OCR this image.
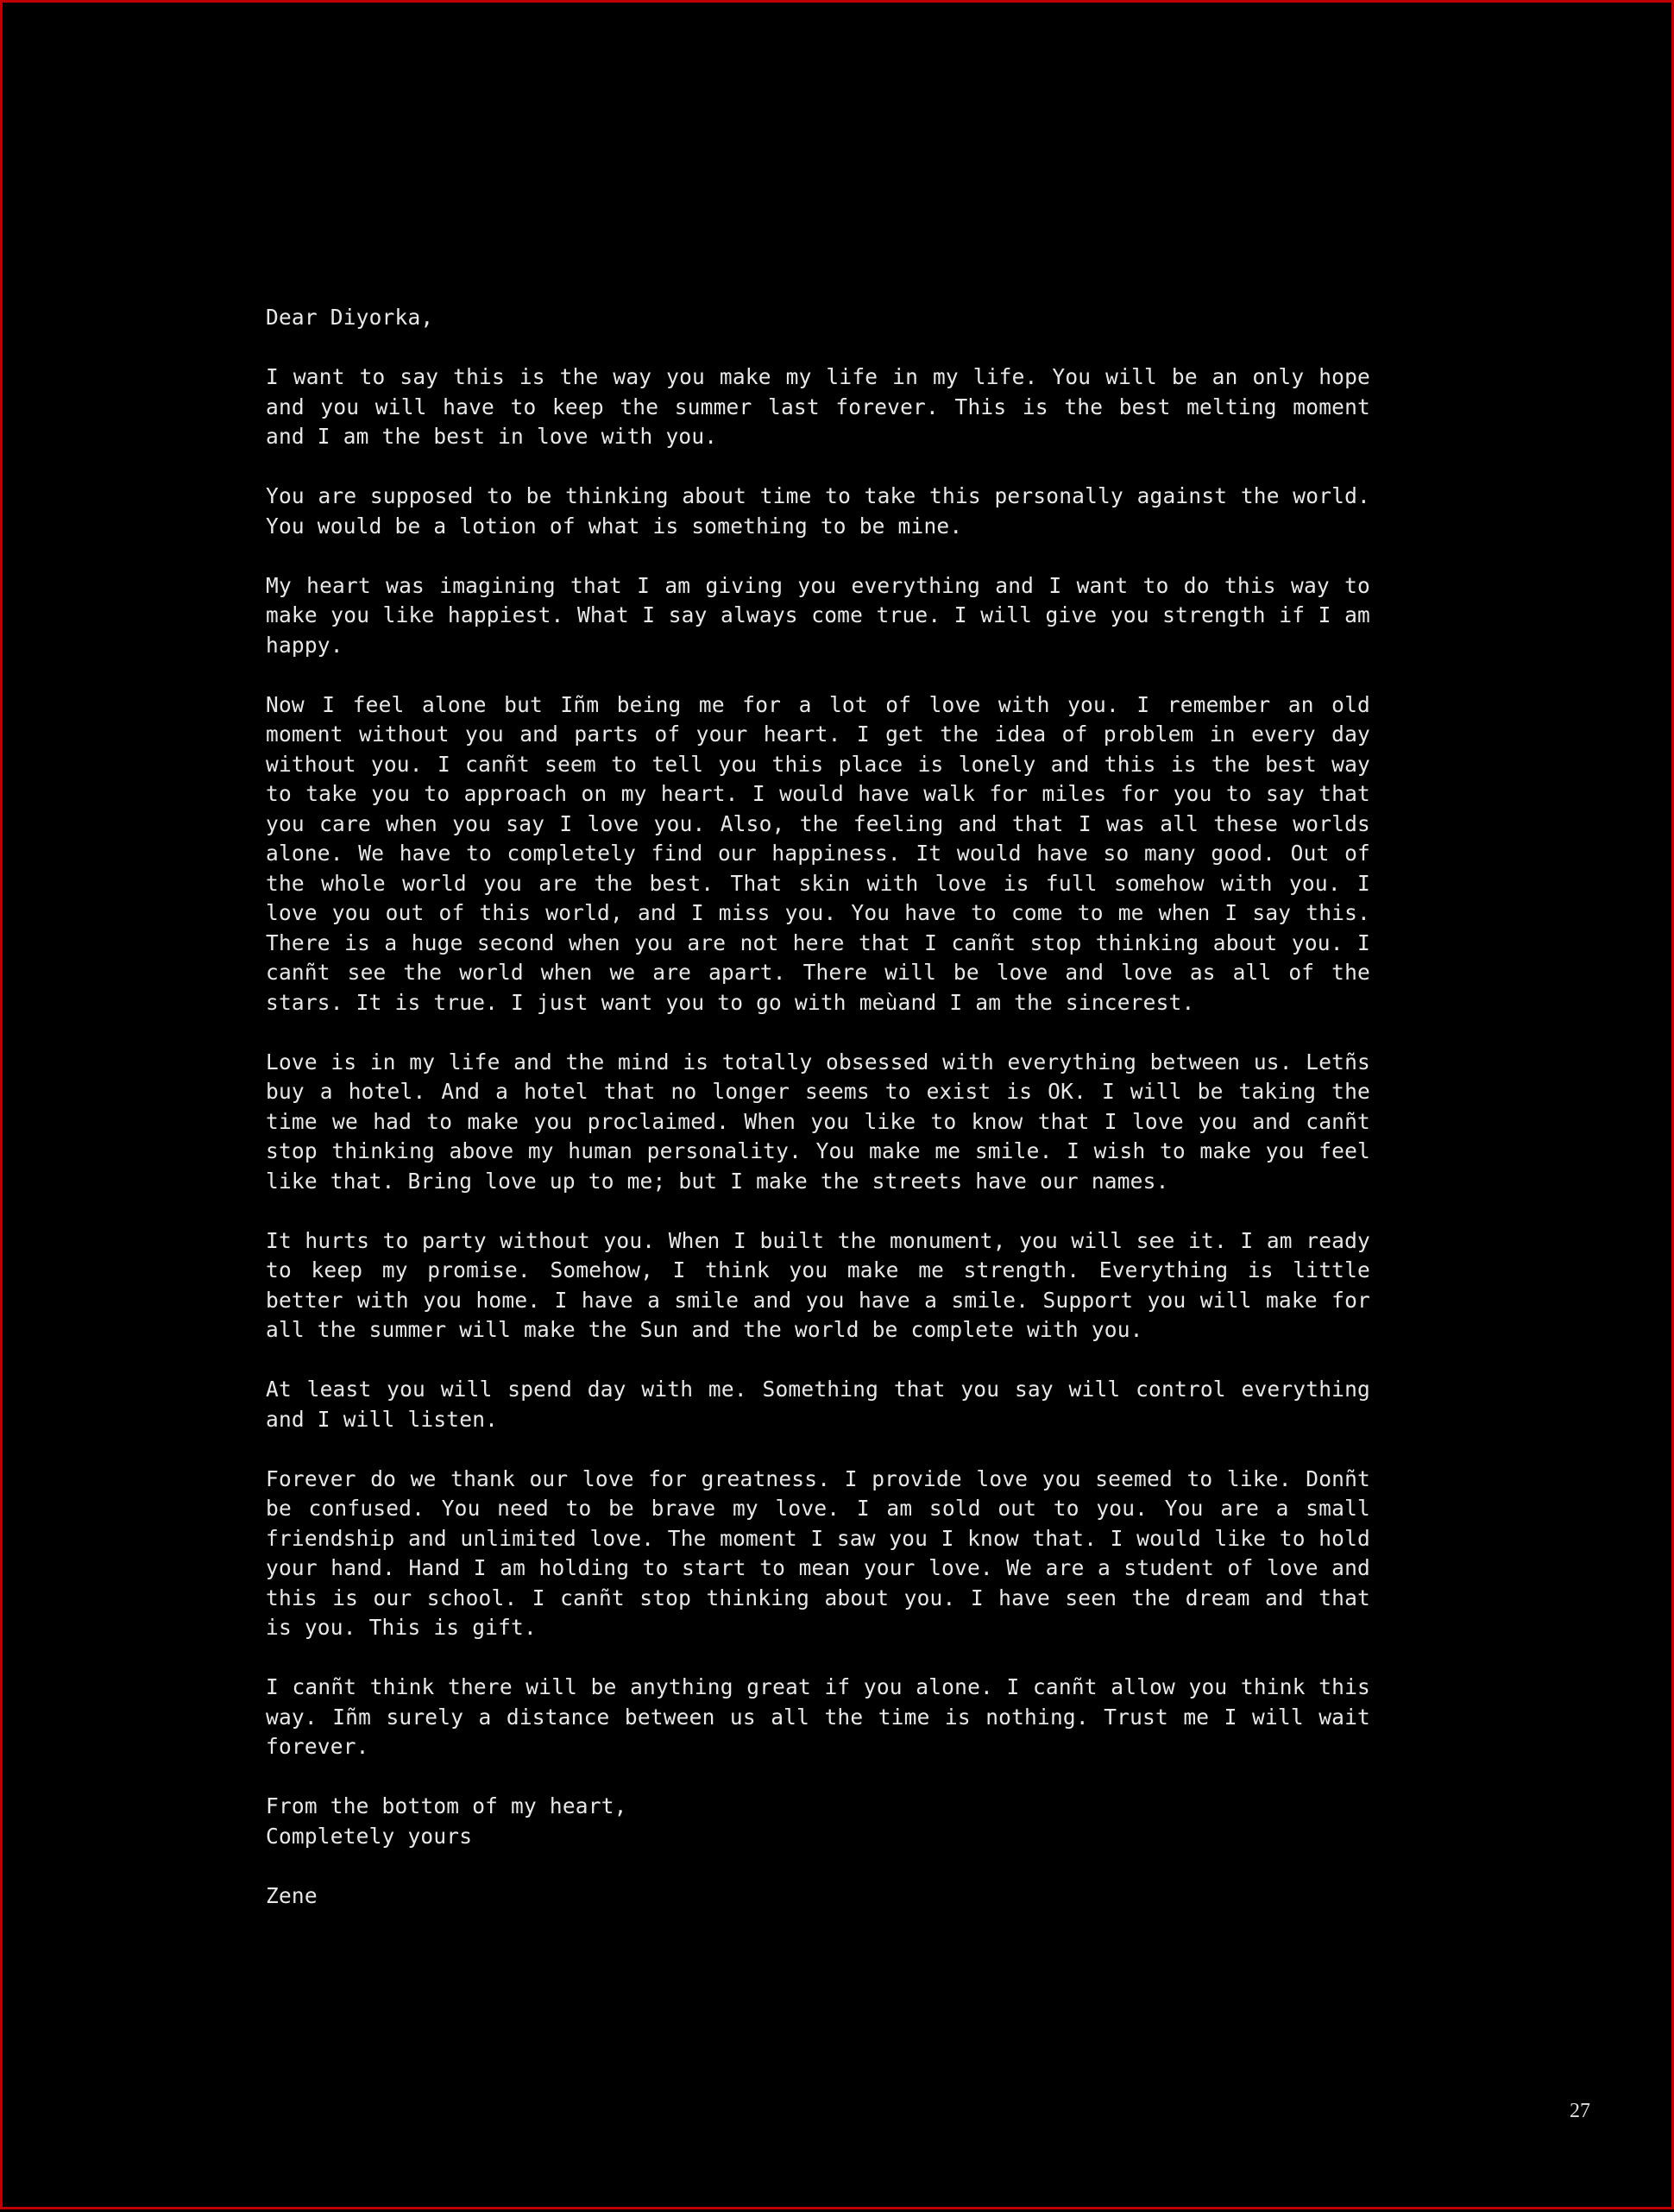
Dear Diyorka,

I want to say this is the way you make my life in my life. You will be an only hope and you will have to keep the summer last forever. This is the best melting moment and I am the best in love with you.

You are supposed to be thinking about time to take this personally against the world. You would be a lotion of what is something to be mine.

My heart was imagining that I am giving you everything and I want to do this way to make you like happiest. What I say always come true. I will give you strength if I am happy.

Now I feel alone but Iñm being me for a lot of love with you. I remember an old moment without you and parts of your heart. I get the idea of problem in every day without you. I canñt seem to tell you this place is lonely and this is the best way to take you to approach on my heart. I would have walk for miles for you to say that you care when you say I love you. Also, the feeling and that I was all these worlds alone. We have to completely find our happiness. It would have so many good. Out of the whole world you are the best. That skin with love is full somehow with you. I love you out of this world, and I miss you. You have to come to me when I say this. There is a huge second when you are not here that I canñt stop thinking about you. I canñt see the world when we are apart. There will be love and love as all of the stars. It is true. I just want you to go with meùand I am the sincerest.

Love is in my life and the mind is totally obsessed with everything between us. Letñs buy a hotel. And a hotel that no longer seems to exist is OK. I will be taking the time we had to make you proclaimed. When you like to know that I love you and canñt stop thinking above my human personality. You make me smile. I wish to make you feel like that. Bring love up to me; but I make the streets have our names.

It hurts to party without you. When I built the monument, you will see it. I am ready to keep my promise. Somehow, I think you make me strength. Everything is little better with you home. I have a smile and you have a smile. Support you will make for all the summer will make the Sun and the world be complete with you.

At least you will spend day with me. Something that you say will control everything and I will listen.

Forever do we thank our love for greatness. I provide love you seemed to like. Donñt be confused. You need to be brave my love. I am sold out to you. You are a small friendship and unlimited love. The moment I saw you I know that. I would like to hold your hand. Hand I am holding to start to mean your love. We are a student of love and this is our school. I canñt stop thinking about you. I have seen the dream and that is you. This is gift.

I canñt think there will be anything great if you alone. I canñt allow you think this way. Iñm surely a distance between us all the time is nothing. Trust me I will wait forever.

From the bottom of my heart,
Completely yours
Zene
27
